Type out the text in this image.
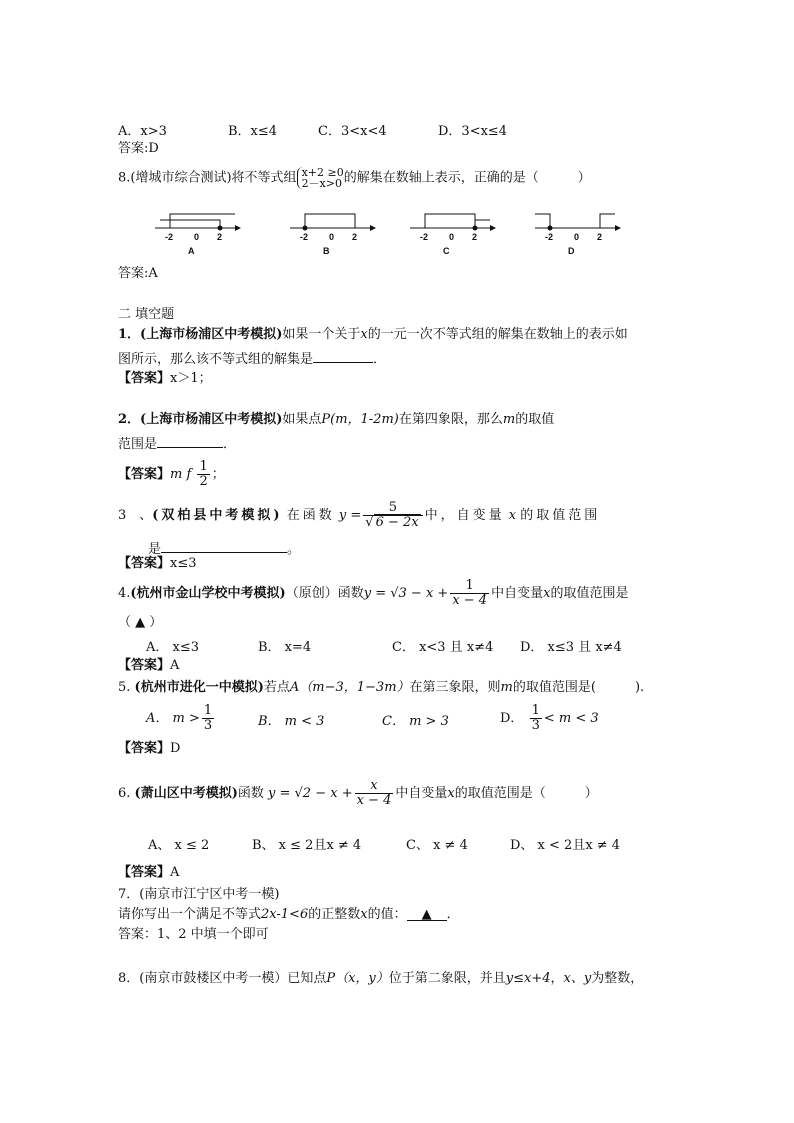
A．x>3	B．x≤4	C．3<x<4	D．3<x≤4
答案:D
8.(增城市综合测试)将不等式组 x+2 ≥0
2－x>0 的解集在数轴上表示，正确的是（　　　）
-2 0 2
A
-2 0 2
B
-2 0 2
C
-2 0 2
D
答案:A
二 填空题
1．(上海市杨浦区中考模拟)如果一个关于x的一元一次不等式组的解集在数轴上的表示如
图所示，那么该不等式组的解集是	．
【答案】x＞1；
2．(上海市杨浦区中考模拟)如果点P(m，1-2m)在第四象限，那么m的取值
范围是	．
【答案】m f $\frac{1}{2}$ ；
3　、(双柏县中考模拟) 在函数 $y = \frac{5}{√ 6 - 2x}$ 中，自变量 x 的取值范围
是	。
【答案】x≤3
4.(杭州市金山学校中考模拟)（原创）函数$y = √3 - x + \frac{1}{x - 4}$ 中自变量x的取值范围是
（ ▲ ）
A． x≤3	B． x=4	C． x<3 且 x≠4 D． x≤3 且 x≠4
【答案】A
5. (杭州市进化一中模拟)若点A（m−3，1−3m）在第三象限，则m的取值范围是(　　　).
A． $m > \frac{1}{3}$	B． m < 3	C． m > 3	D． $\frac{1}{3} < m < 3$
【答案】D
6. (萧山区中考模拟)函数 $y = √2 - x + \frac{x}{x - 4}$ 中自变量x的取值范围是（　　　）
A、 x ≤ 2	B、 x ≤ 2且x ≠ 4	C、 x ≠ 4	D、 x < 2且x ≠ 4
【答案】A
7．(南京市江宁区中考一模)
请你写出一个满足不等式2x-1<6的正整数x的值： ▲ ．
答案：1、2 中填一个即可
8．(南京市鼓楼区中考一模）已知点P（x，y）位于第二象限，并且y≤x+4，x、y为整数，
